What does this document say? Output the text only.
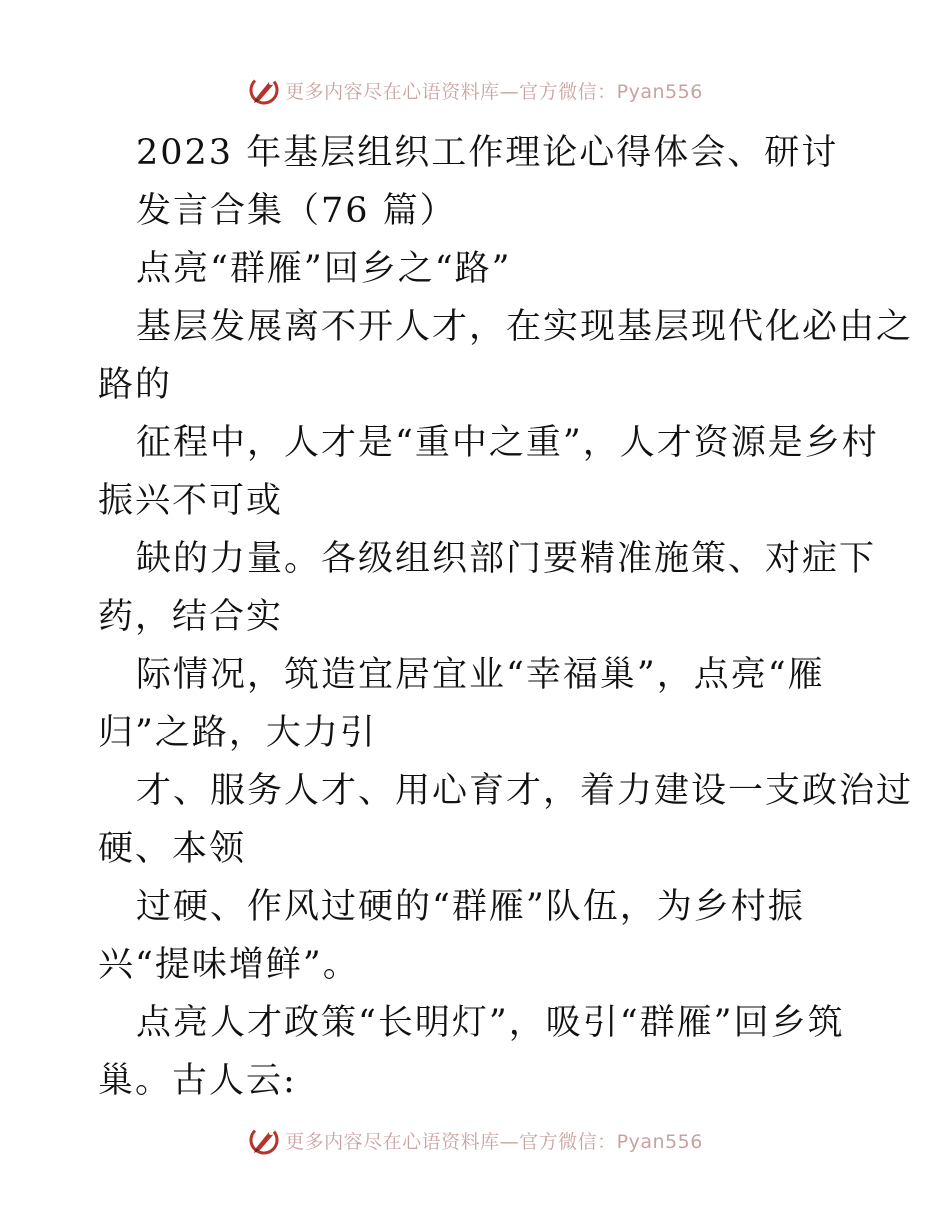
更多内容尽在心语资料库—官方微信：Pyan556
2023 年基层组织工作理论心得体会、研讨
发言合集（76 篇）
点亮“群雁”回乡之“路”
基层发展离不开人才，在实现基层现代化必由之
路的
征程中，人才是“重中之重”，人才资源是乡村
振兴不可或
缺的力量。各级组织部门要精准施策、对症下
药，结合实
际情况，筑造宜居宜业“幸福巢”，点亮“雁
归”之路，大力引
才、服务人才、用心育才，着力建设一支政治过
硬、本领
过硬、作风过硬的“群雁”队伍，为乡村振
兴“提味增鲜”。
点亮人才政策“长明灯”，吸引“群雁”回乡筑
巢。古人云:
更多内容尽在心语资料库—官方微信：Pyan556
